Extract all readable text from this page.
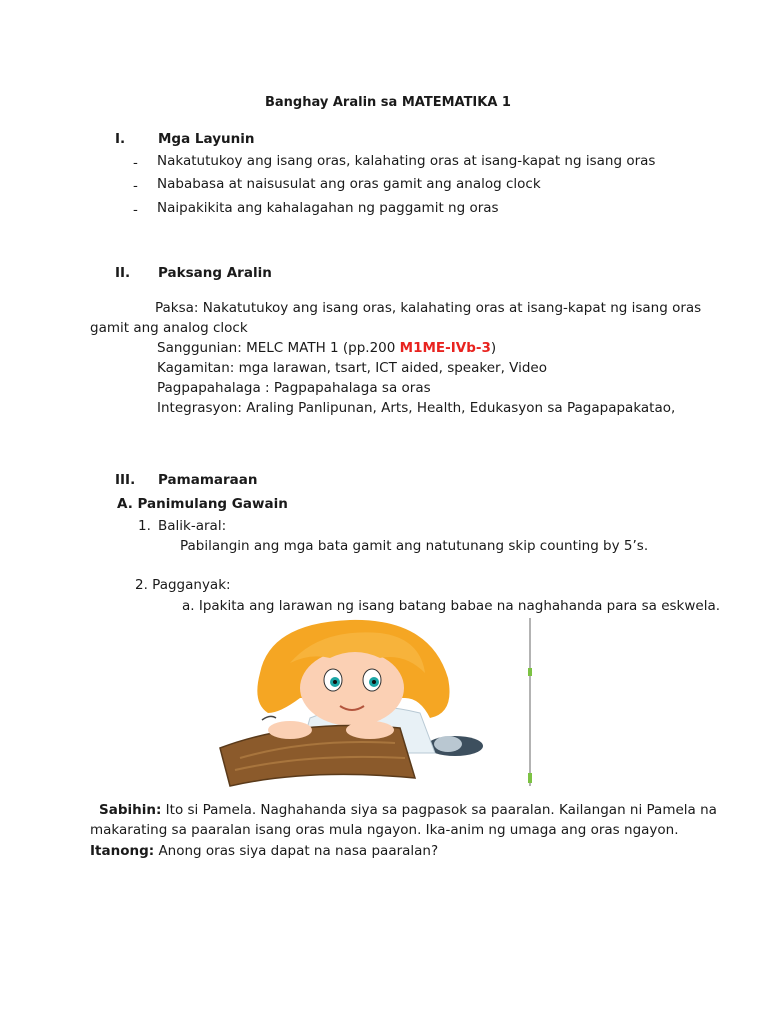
Banghay Aralin sa MATEMATIKA 1
I. Mga Layunin
- Nakatutukoy ang isang oras, kalahating oras at isang-kapat ng isang oras
- Nababasa at naisusulat ang oras gamit ang analog clock
- Naipakikita ang kahalagahan ng paggamit ng oras
II. Paksang Aralin
Paksa: Nakatutukoy ang isang oras, kalahating oras at isang-kapat ng isang oras
gamit ang analog clock
Sanggunian: MELC MATH 1 (pp.200 M1ME-IVb-3)
Kagamitan: mga larawan, tsart, ICT aided, speaker, Video
Pagpapahalaga : Pagpapahalaga sa oras
Integrasyon: Araling Panlipunan, Arts, Health, Edukasyon sa Pagapapakatao,
III. Pamamaraan
A. Panimulang Gawain
1. Balik-aral:
Pabilangin ang mga bata gamit ang natutunang skip counting by 5’s.
2. Pagganyak:
a. Ipakita ang larawan ng isang batang babae na naghahanda para sa eskwela.
Sabihin: Ito si Pamela. Naghahanda siya sa pagpasok sa paaralan. Kailangan ni Pamela na
makarating sa paaralan isang oras mula ngayon. Ika-anim ng umaga ang oras ngayon.
Itanong: Anong oras siya dapat na nasa paaralan?
